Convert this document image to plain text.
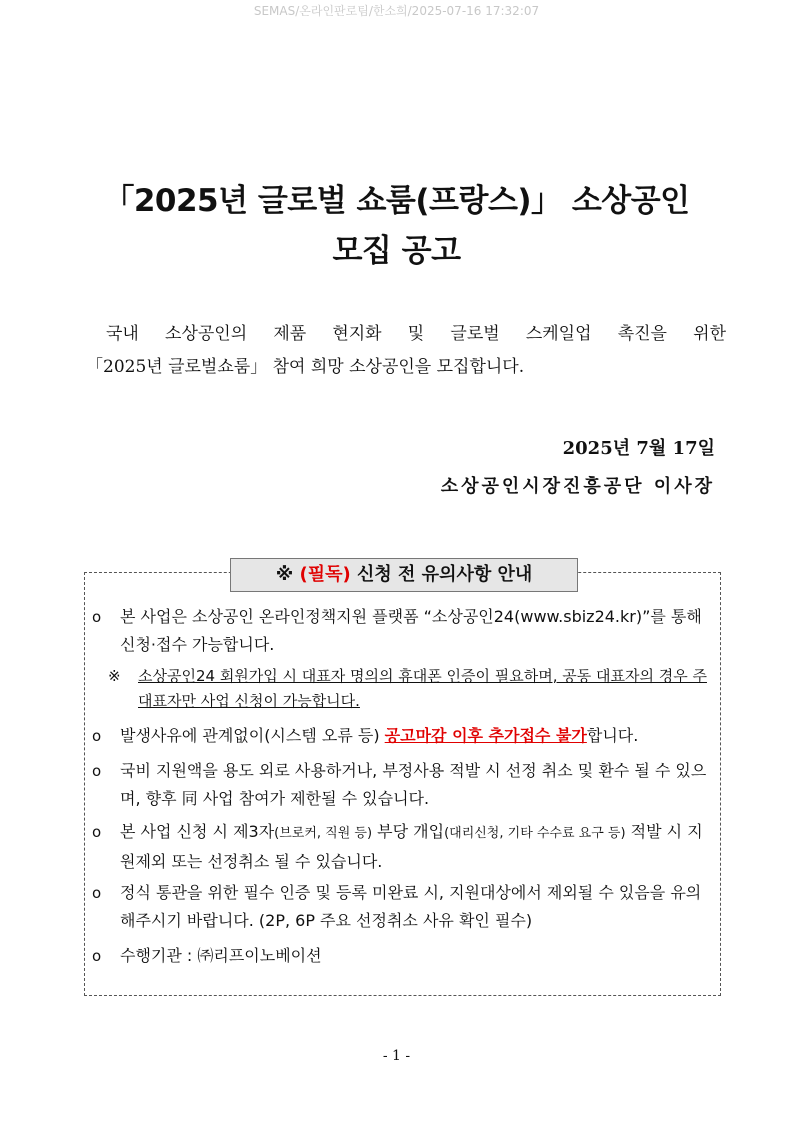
SEMAS/온라인판로팀/한소희/2025-07-16 17:32:07
「2025년 글로벌 쇼룸(프랑스)」 소상공인
모집 공고
국내 소상공인의 제품 현지화 및 글로벌 스케일업 촉진을 위한
「2025년 글로벌쇼룸」 참여 희망 소상공인을 모집합니다.
2025년 7월 17일
소상공인시장진흥공단 이사장
※ (필독) 신청 전 유의사항 안내
o 본 사업은 소상공인 온라인정책지원 플랫폼 “소상공인24(www.sbiz24.kr)”를 통해 신청·접수 가능합니다.
※ 소상공인24 회원가입 시 대표자 명의의 휴대폰 인증이 필요하며, 공동 대표자의 경우 주 대표자만 사업 신청이 가능합니다.
o 발생사유에 관계없이(시스템 오류 등) 공고마감 이후 추가접수 불가합니다.
o 국비 지원액을 용도 외로 사용하거나, 부정사용 적발 시 선정 취소 및 환수 될 수 있으며, 향후 同 사업 참여가 제한될 수 있습니다.
o 본 사업 신청 시 제3자(브로커, 직원 등) 부당 개입(대리신청, 기타 수수료 요구 등) 적발 시 지원제외 또는 선정취소 될 수 있습니다.
o 정식 통관을 위한 필수 인증 및 등록 미완료 시, 지원대상에서 제외될 수 있음을 유의해주시기 바랍니다. (2P, 6P 주요 선정취소 사유 확인 필수)
o 수행기관 : ㈜리프이노베이션
- 1 -
